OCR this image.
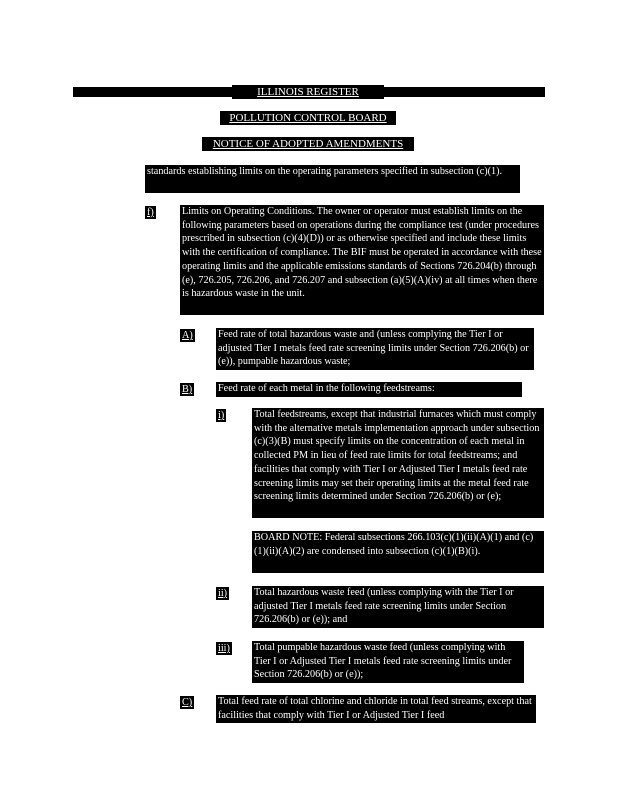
ILLINOIS REGISTER
POLLUTION CONTROL BOARD
NOTICE OF ADOPTED AMENDMENTS
standards establishing limits on the operating parameters specified in subsection (c)(1).
f)	Limits on Operating Conditions. The owner or operator must establish limits on the following parameters based on operations during the compliance test (under procedures prescribed in subsection (c)(4)(D)) or as otherwise specified and include these limits with the certification of compliance. The BIF must be operated in accordance with these operating limits and the applicable emissions standards of Sections 726.204(b) through (e), 726.205, 726.206, and 726.207 and subsection (a)(5)(A)(iv) at all times when there is hazardous waste in the unit.
A) Feed rate of total hazardous waste and (unless complying the Tier I or adjusted Tier I metals feed rate screening limits under Section 726.206(b) or (e)), pumpable hazardous waste;
B)	Feed rate of each metal in the following feedstreams:
i)	Total feedstreams, except that industrial furnaces which must comply with the alternative metals implementation approach under subsection (c)(3)(B) must specify limits on the concentration of each metal in collected PM in lieu of feed rate limits for total feedstreams; and facilities that comply with Tier I or Adjusted Tier I metals feed rate screening limits may set their operating limits at the metal feed rate screening limits determined under Section 726.206(b) or (e);
BOARD NOTE: Federal subsections 266.103(c)(1)(ii)(A)(1) and (c)(1)(ii)(A)(2) are condensed into subsection (c)(1)(B)(i).
ii)	Total hazardous waste feed (unless complying with the Tier I or adjusted Tier I metals feed rate screening limits under Section 726.206(b) or (e)); and
iii) Total pumpable hazardous waste feed (unless complying with Tier I or Adjusted Tier I metals feed rate screening limits under Section 726.206(b) or (e));
C)	Total feed rate of total chlorine and chloride in total feed streams, except that facilities that comply with Tier I or Adjusted Tier I feed
